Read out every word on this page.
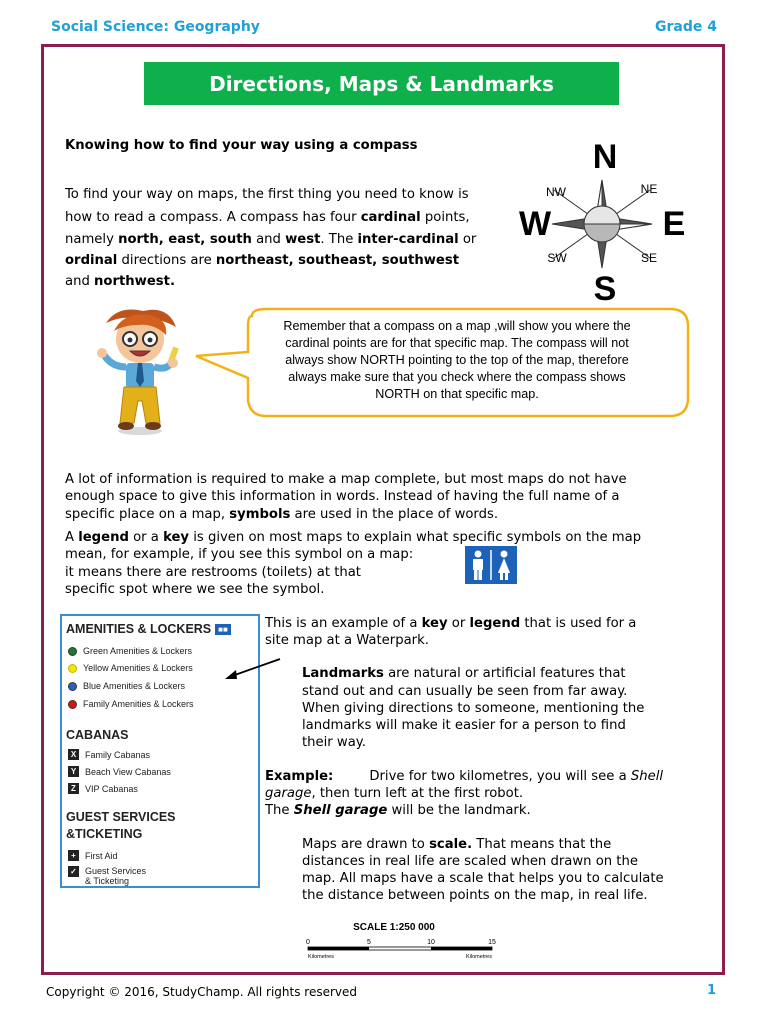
Social Science: Geography	Grade 4
Directions, Maps & Landmarks
Knowing how to find your way using a compass
To find your way on maps, the first thing you need to know is
how to read a compass. A compass has four cardinal points,
namely north, east, south and west. The inter-cardinal or
ordinal directions are northeast, southeast, southwest
and northwest.
N
S
W	E
NW	NE
SW	SE
Remember that a compass on a map ,will show you where the
cardinal points are for that specific map. The compass will not
always show NORTH pointing to the top of the map, therefore
always make sure that you check where the compass shows
NORTH on that specific map.
A lot of information is required to make a map complete, but most maps do not have
enough space to give this information in words. Instead of having the full name of a
specific place on a map, symbols are used in the place of words.
A legend or a key is given on most maps to explain what specific symbols on the map
mean, for example, if you see this symbol on a map:
it means there are restrooms (toilets) at that
specific spot where we see the symbol.
AMENITIES & LOCKERS ■■
Green Amenities & Lockers
Yellow Amenities & Lockers
Blue Amenities & Lockers
Family Amenities & Lockers
CABANAS
X Family Cabanas
Y Beach View Cabanas
Z	VIP Cabanas
GUEST SERVICES
&TICKETING
+	First Aid
✓ Guest Services
& Ticketing
This is an example of a key or legend that is used for a
site map at a Waterpark.
Landmarks are natural or artificial features that
stand out and can usually be seen from far away.
When giving directions to someone, mentioning the
landmarks will make it easier for a person to find
their way.
Example:	Drive for two kilometres, you will see a Shell
garage, then turn left at the first robot.
The Shell garage will be the landmark.
Maps are drawn to scale. That means that the
distances in real life are scaled when drawn on the
map. All maps have a scale that helps you to calculate
the distance between points on the map, in real life.
SCALE 1:250 000
0	5	10	15
Kilometres	Kilometres
Copyright © 2016, StudyChamp. All rights reserved	1
